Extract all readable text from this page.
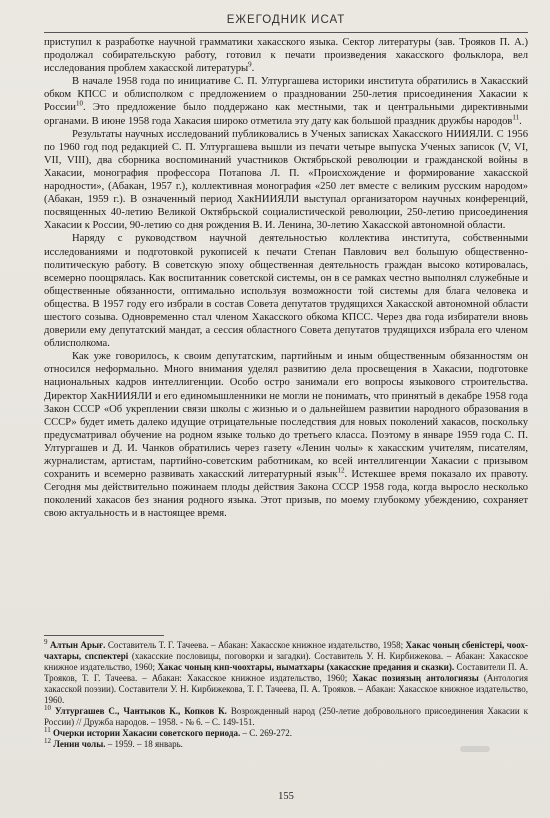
ЕЖЕГОДНИК ИСАТ

приступил к разработке научной грамматики хакасского языка. Сектор литературы (зав. Трояков П. А.) продолжал собирательскую работу, готовил к печати произведения хакасского фольклора, вел исследования проблем хакасской литературы$^9$.

В начале 1958 года по инициативе С. П. Ултургашева историки института обратились в Хакасский обком КПСС и облисполком с предложением о праздновании 250-летия присоединения Хакасии к России$^{10}$. Это предложение было поддержано как местными, так и центральными директивными органами. В июне 1958 года Хакасия широко отметила эту дату как большой праздник дружбы народов$^{11}$.

Результаты научных исследований публиковались в Ученых записках Хакасского НИИЯЛИ. С 1956 по 1960 год под редакцией С. П. Ултургашева вышли из печати четыре выпуска Ученых записок (V, VI, VII, VIII), два сборника воспоминаний участников Октябрьской революции и гражданской войны в Хакасии, монография профессора Потапова Л. П. «Происхождение и формирование хакасской народности», (Абакан, 1957 г.), коллективная монография «250 лет вместе с великим русским народом» (Абакан, 1959 г.). В означенный период ХакНИИЯЛИ выступал организатором научных конференций, посвященных 40-летию Великой Октябрьской социалистической революции, 250-летию присоединения Хакасии к России, 90-летию со дня рождения В. И. Ленина, 30-летию Хакасской автономной области.

Наряду с руководством научной деятельностью коллектива института, собственными исследованиями и подготовкой рукописей к печати Степан Павлович вел большую общественно-политическую работу. В советскую эпоху общественная деятельность граждан высоко котировалась, всемерно поощрялась. Как воспитанник советской системы, он в се рамках честно выполнял служебные и общественные обязанности, оптимально используя возможности той системы для блага человека и общества. В 1957 году его избрали в состав Совета депутатов трудящихся Хакасской автономной области шестого созыва. Одновременно стал членом Хакасского обкома КПСС. Через два года избиратели вновь доверили ему депутатский мандат, а сессия областного Совета депутатов трудящихся избрала его членом облисполкома.

Как уже говорилось, к своим депутатским, партийным и иным общественным обязанностям он относился неформально. Много внимания уделял развитию дела просвещения в Хакасии, подготовке национальных кадров интеллигенции. Особо остро занимали его вопросы языкового строительства. Директор ХакНИИЯЛИ и его единомышленники не могли не понимать, что принятый в декабре 1958 года Закон СССР «Об укреплении связи школы с жизнью и о дальнейшем развитии народного образования в СССР» будет иметь далеко идущие отрицательные последствия для новых поколений хакасов, поскольку предусматривал обучение на родном языке только до третьего класса. Поэтому в январе 1959 года С. П. Ултургашев и Д. И. Чанков обратились через газету «Ленин чолы» к хакасским учителям, писателям, журналистам, артистам, партийно-советским работникам, ко всей интеллигенции Хакасии с призывом сохранить и всемерно развивать хакасский литературный язык$^{12}$. Истекшее время показало их правоту. Сегодня мы действительно пожинаем плоды действия Закона СССР 1958 года, когда выросло несколько поколений хакасов без знания родного языка. Этот призыв, по моему глубокому убеждению, сохраняет свою актуальность и в настоящее время.

$^9$ Алтын Арығ. Составитель Т. Г. Тачеева. – Абакан: Хакасское книжное издательство, 1958; Хакас чоның сбеністері, чоох-чахтары, спспектері (хакасские пословицы, поговорки и загадки). Составитель У. Н. Кирбижекова. – Абакан: Хакасское книжное издательство, 1960; Хакас чоның кип-чоохтары, ныматхары (хакасские предания и сказки). Составители П. А. Трояков, Т. Г. Тачеева. – Абакан: Хакасское книжное издательство, 1960; Хакас позиязың антологиязы (Антология хакасской поэзии). Составители У. Н. Кирбижекова, Т. Г. Тачеева, П. А. Трояков. – Абакан: Хакасское книжное издательство, 1960.

$^{10}$ Ултургашев С., Чантыков К., Копков К. Возрожденный народ (250-летие добровольного присоединения Хакасии к России) // Дружба народов. – 1958. - № 6. – С. 149-151.

$^{11}$ Очерки истории Хакасии советского периода. – С. 269-272.

$^{12}$ Ленин чолы. – 1959. – 18 январь.

155
